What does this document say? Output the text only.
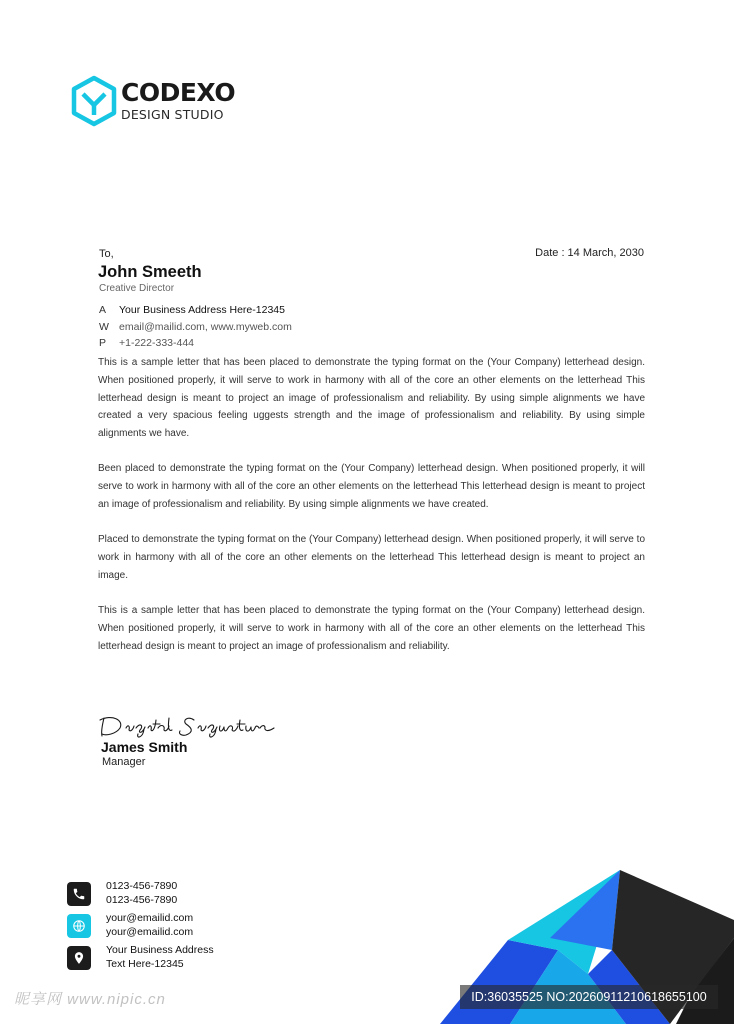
CODEXO
DESIGN STUDIO
To,	Date : 14 March, 2030
John Smeeth
Creative Director
A	Your Business Address Here-12345
W email@mailid.com, www.myweb.com
P	+1-222-333-444

This is a sample letter that has been placed to demonstrate the typing format on the (Your Company) letterhead design. When positioned properly, it will serve to work in harmony with all of the core an other elements on the letterhead This letterhead design is meant to project an image of professionalism and reliability. By using simple alignments we have created a very spacious feeling uggests strength and the image of professionalism and reliability. By using simple alignments we have.

Been placed to demonstrate the typing format on the (Your Company) letterhead design. When positioned properly, it will serve to work in harmony with all of the core an other elements on the letterhead This letterhead design is meant to project an image of professionalism and reliability. By using simple alignments we have created.

Placed to demonstrate the typing format on the (Your Company) letterhead design. When positioned properly, it will serve to work in harmony with all of the core an other elements on the letterhead This letterhead design is meant to project an image.

This is a sample letter that has been placed to demonstrate the typing format on the (Your Company) letterhead design. When positioned properly, it will serve to work in harmony with all of the core an other elements on the letterhead This letterhead design is meant to project an image of professionalism and reliability.

James Smith
Manager
0123-456-7890
0123-456-7890
your@emailid.com
your@emailid.com
Your Business Address
Text Here-12345
昵享网 www.nipic.cn	ID:36035525 NO:20260911210618655100
